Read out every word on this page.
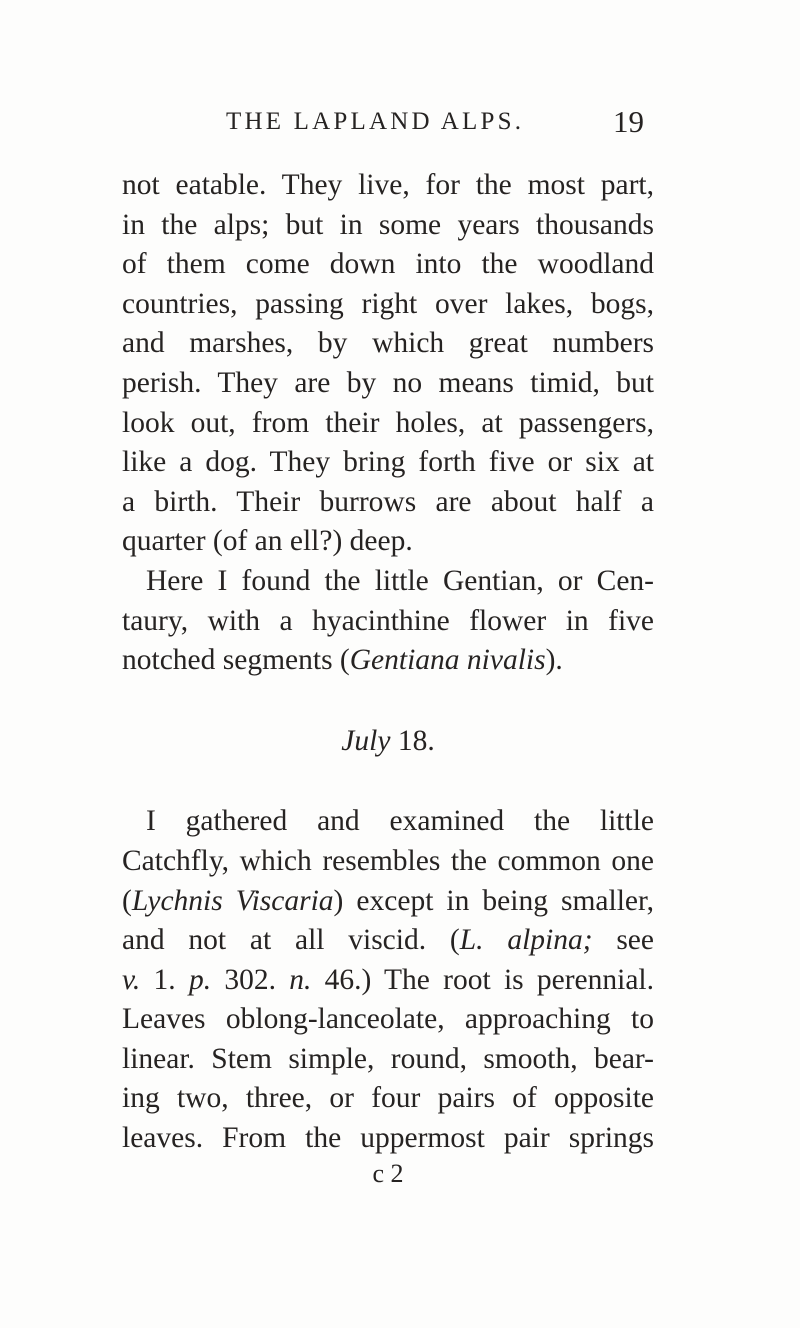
THE LAPLAND ALPS.	19
not eatable. They live, for the most part,
in the alps; but in some years thousands
of them come down into the woodland
countries, passing right over lakes, bogs,
and marshes, by which great numbers
perish. They are by no means timid, but
look out, from their holes, at passengers,
like a dog. They bring forth five or six at
a birth. Their burrows are about half a
quarter (of an ell?) deep.
Here I found the little Gentian, or Cen-
taury, with a hyacinthine flower in five
notched segments (Gentiana nivalis).
July 18.
I gathered and examined the little
Catchfly, which resembles the common one
(Lychnis Viscaria) except in being smaller,
and not at all viscid. (L. alpina; see
v. 1. p. 302. n. 46.) The root is perennial.
Leaves oblong-lanceolate, approaching to
linear. Stem simple, round, smooth, bear-
ing two, three, or four pairs of opposite
leaves. From the uppermost pair springs
c 2
